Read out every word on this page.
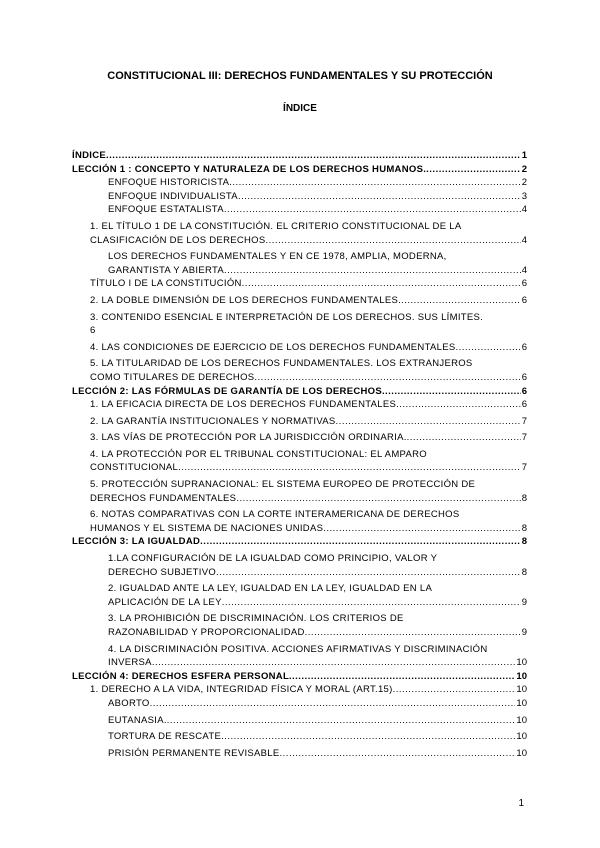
CONSTITUCIONAL III: DERECHOS FUNDAMENTALES Y SU PROTECCIÓN
ÍNDICE
ÍNDICE .....	1
LECCIÓN 1 : CONCEPTO Y NATURALEZA DE LOS DERECHOS HUMANOS. .....	2
ENFOQUE HISTORICISTA .....	2
ENFOQUE INDIVIDUALISTA .....	3
ENFOQUE ESTATALISTA .....	4
1. EL TÍTULO 1 DE LA CONSTITUCIÓN. EL CRITERIO CONSTITUCIONAL DE LA
CLASIFICACIÓN DE LOS DERECHOS .....	4
LOS DERECHOS FUNDAMENTALES Y EN CE 1978, AMPLIA, MODERNA,
GARANTISTA Y ABIERTA .....	4
TÍTULO I DE LA CONSTITUCIÓN .....	6
2. LA DOBLE DIMENSIÓN DE LOS DERECHOS FUNDAMENTALES. .....	6
3. CONTENIDO ESENCIAL E INTERPRETACIÓN DE LOS DERECHOS. SUS LÍMITES.
6
4. LAS CONDICIONES DE EJERCICIO DE LOS DERECHOS FUNDAMENTALES .....	6
5. LA TITULARIDAD DE LOS DERECHOS FUNDAMENTALES. LOS EXTRANJEROS
COMO TITULARES DE DERECHOS .....	6
LECCIÓN 2: LAS FÓRMULAS DE GARANTÍA DE LOS DERECHOS. .....	6
1. LA EFICACIA DIRECTA DE LOS DERECHOS FUNDAMENTALES .....	6
2. LA GARANTÍA INSTITUCIONALES Y NORMATIVAS .....	7
3. LAS VÍAS DE PROTECCIÓN POR LA JURISDICCIÓN ORDINARIA. .....	7
4. LA PROTECCIÓN POR EL TRIBUNAL CONSTITUCIONAL: EL AMPARO
CONSTITUCIONAL .....	7
5. PROTECCIÓN SUPRANACIONAL: EL SISTEMA EUROPEO DE PROTECCIÓN DE
DERECHOS FUNDAMENTALES .....	8
6. NOTAS COMPARATIVAS CON LA CORTE INTERAMERICANA DE DERECHOS
HUMANOS Y EL SISTEMA DE NACIONES UNIDAS .....	8
LECCIÓN 3: LA IGUALDAD .....	8
1.LA CONFIGURACIÓN DE LA IGUALDAD COMO PRINCIPIO, VALOR Y
DERECHO SUBJETIVO .....	8
2. IGUALDAD ANTE LA LEY, IGUALDAD EN LA LEY, IGUALDAD EN LA
APLICACIÓN DE LA LEY .....	9
3. LA PROHIBICIÓN DE DISCRIMINACIÓN. LOS CRITERIOS DE
RAZONABILIDAD Y PROPORCIONALIDAD .....	9
4. LA DISCRIMINACIÓN POSITIVA. ACCIONES AFIRMATIVAS Y DISCRIMINACIÓN
INVERSA .....	10
LECCIÓN 4: DERECHOS ESFERA PERSONAL. .....	10
1. DERECHO A LA VIDA, INTEGRIDAD FÍSICA Y MORAL (ART.15) .....	10
ABORTO .....	10
EUTANASIA. .....	10
TORTURA DE RESCATE .....	10
PRISIÓN PERMANENTE REVISABLE .....	10
1
